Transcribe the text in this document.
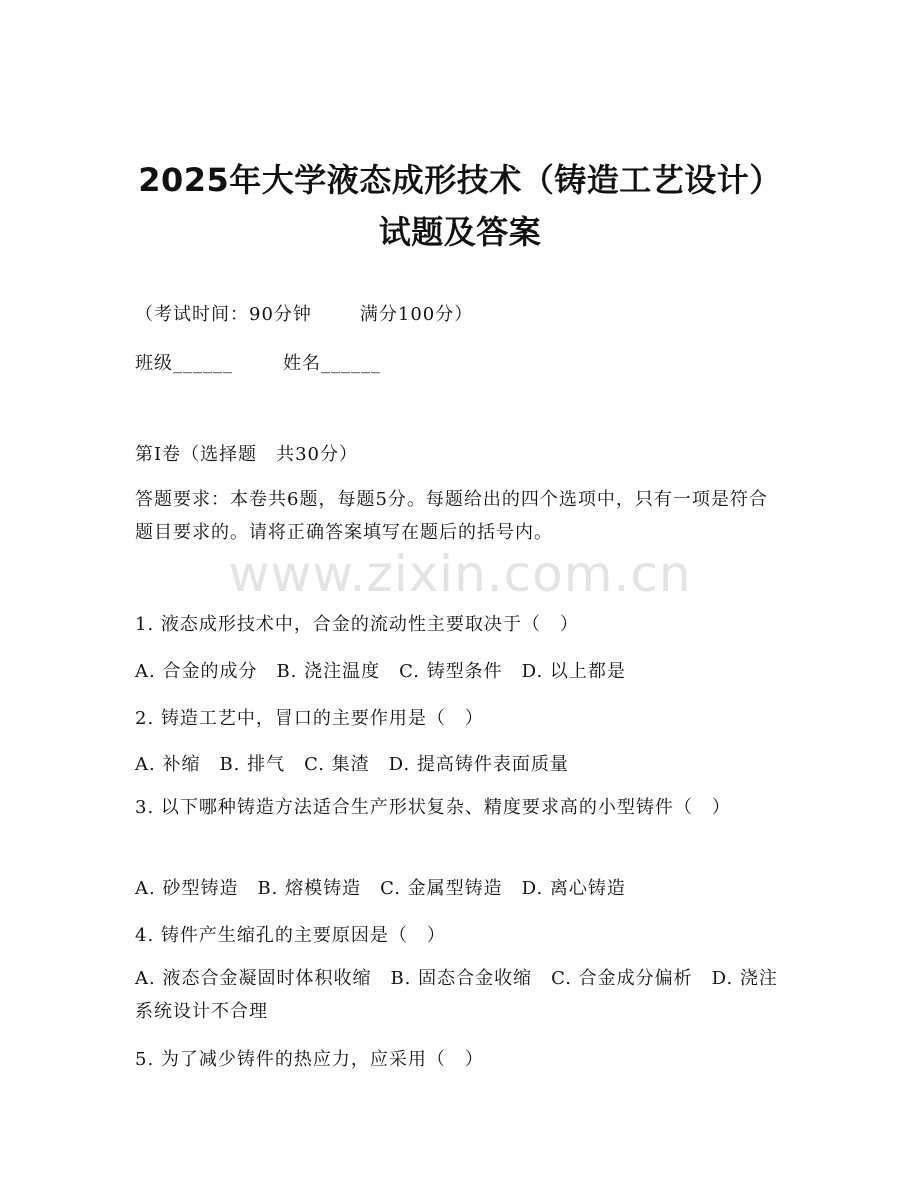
2025年大学液态成形技术（铸造工艺设计）
试题及答案

（考试时间：90分钟	满分100分）

班级______	姓名______

第Ⅰ卷（选择题　共30分）

答题要求：本卷共6题，每题5分。每题给出的四个选项中，只有一项是符合题目要求的。请将正确答案填写在题后的括号内。

www.zixin.com.cn

1. 液态成形技术中，合金的流动性主要取决于（　）

A. 合金的成分　B. 浇注温度　C. 铸型条件　D. 以上都是

2. 铸造工艺中，冒口的主要作用是（　）

A. 补缩　B. 排气　C. 集渣　D. 提高铸件表面质量

3. 以下哪种铸造方法适合生产形状复杂、精度要求高的小型铸件（　）

A. 砂型铸造　B. 熔模铸造　C. 金属型铸造　D. 离心铸造

4. 铸件产生缩孔的主要原因是（　）

A. 液态合金凝固时体积收缩　B. 固态合金收缩　C. 合金成分偏析　D. 浇注系统设计不合理

5. 为了减少铸件的热应力，应采用（　）
